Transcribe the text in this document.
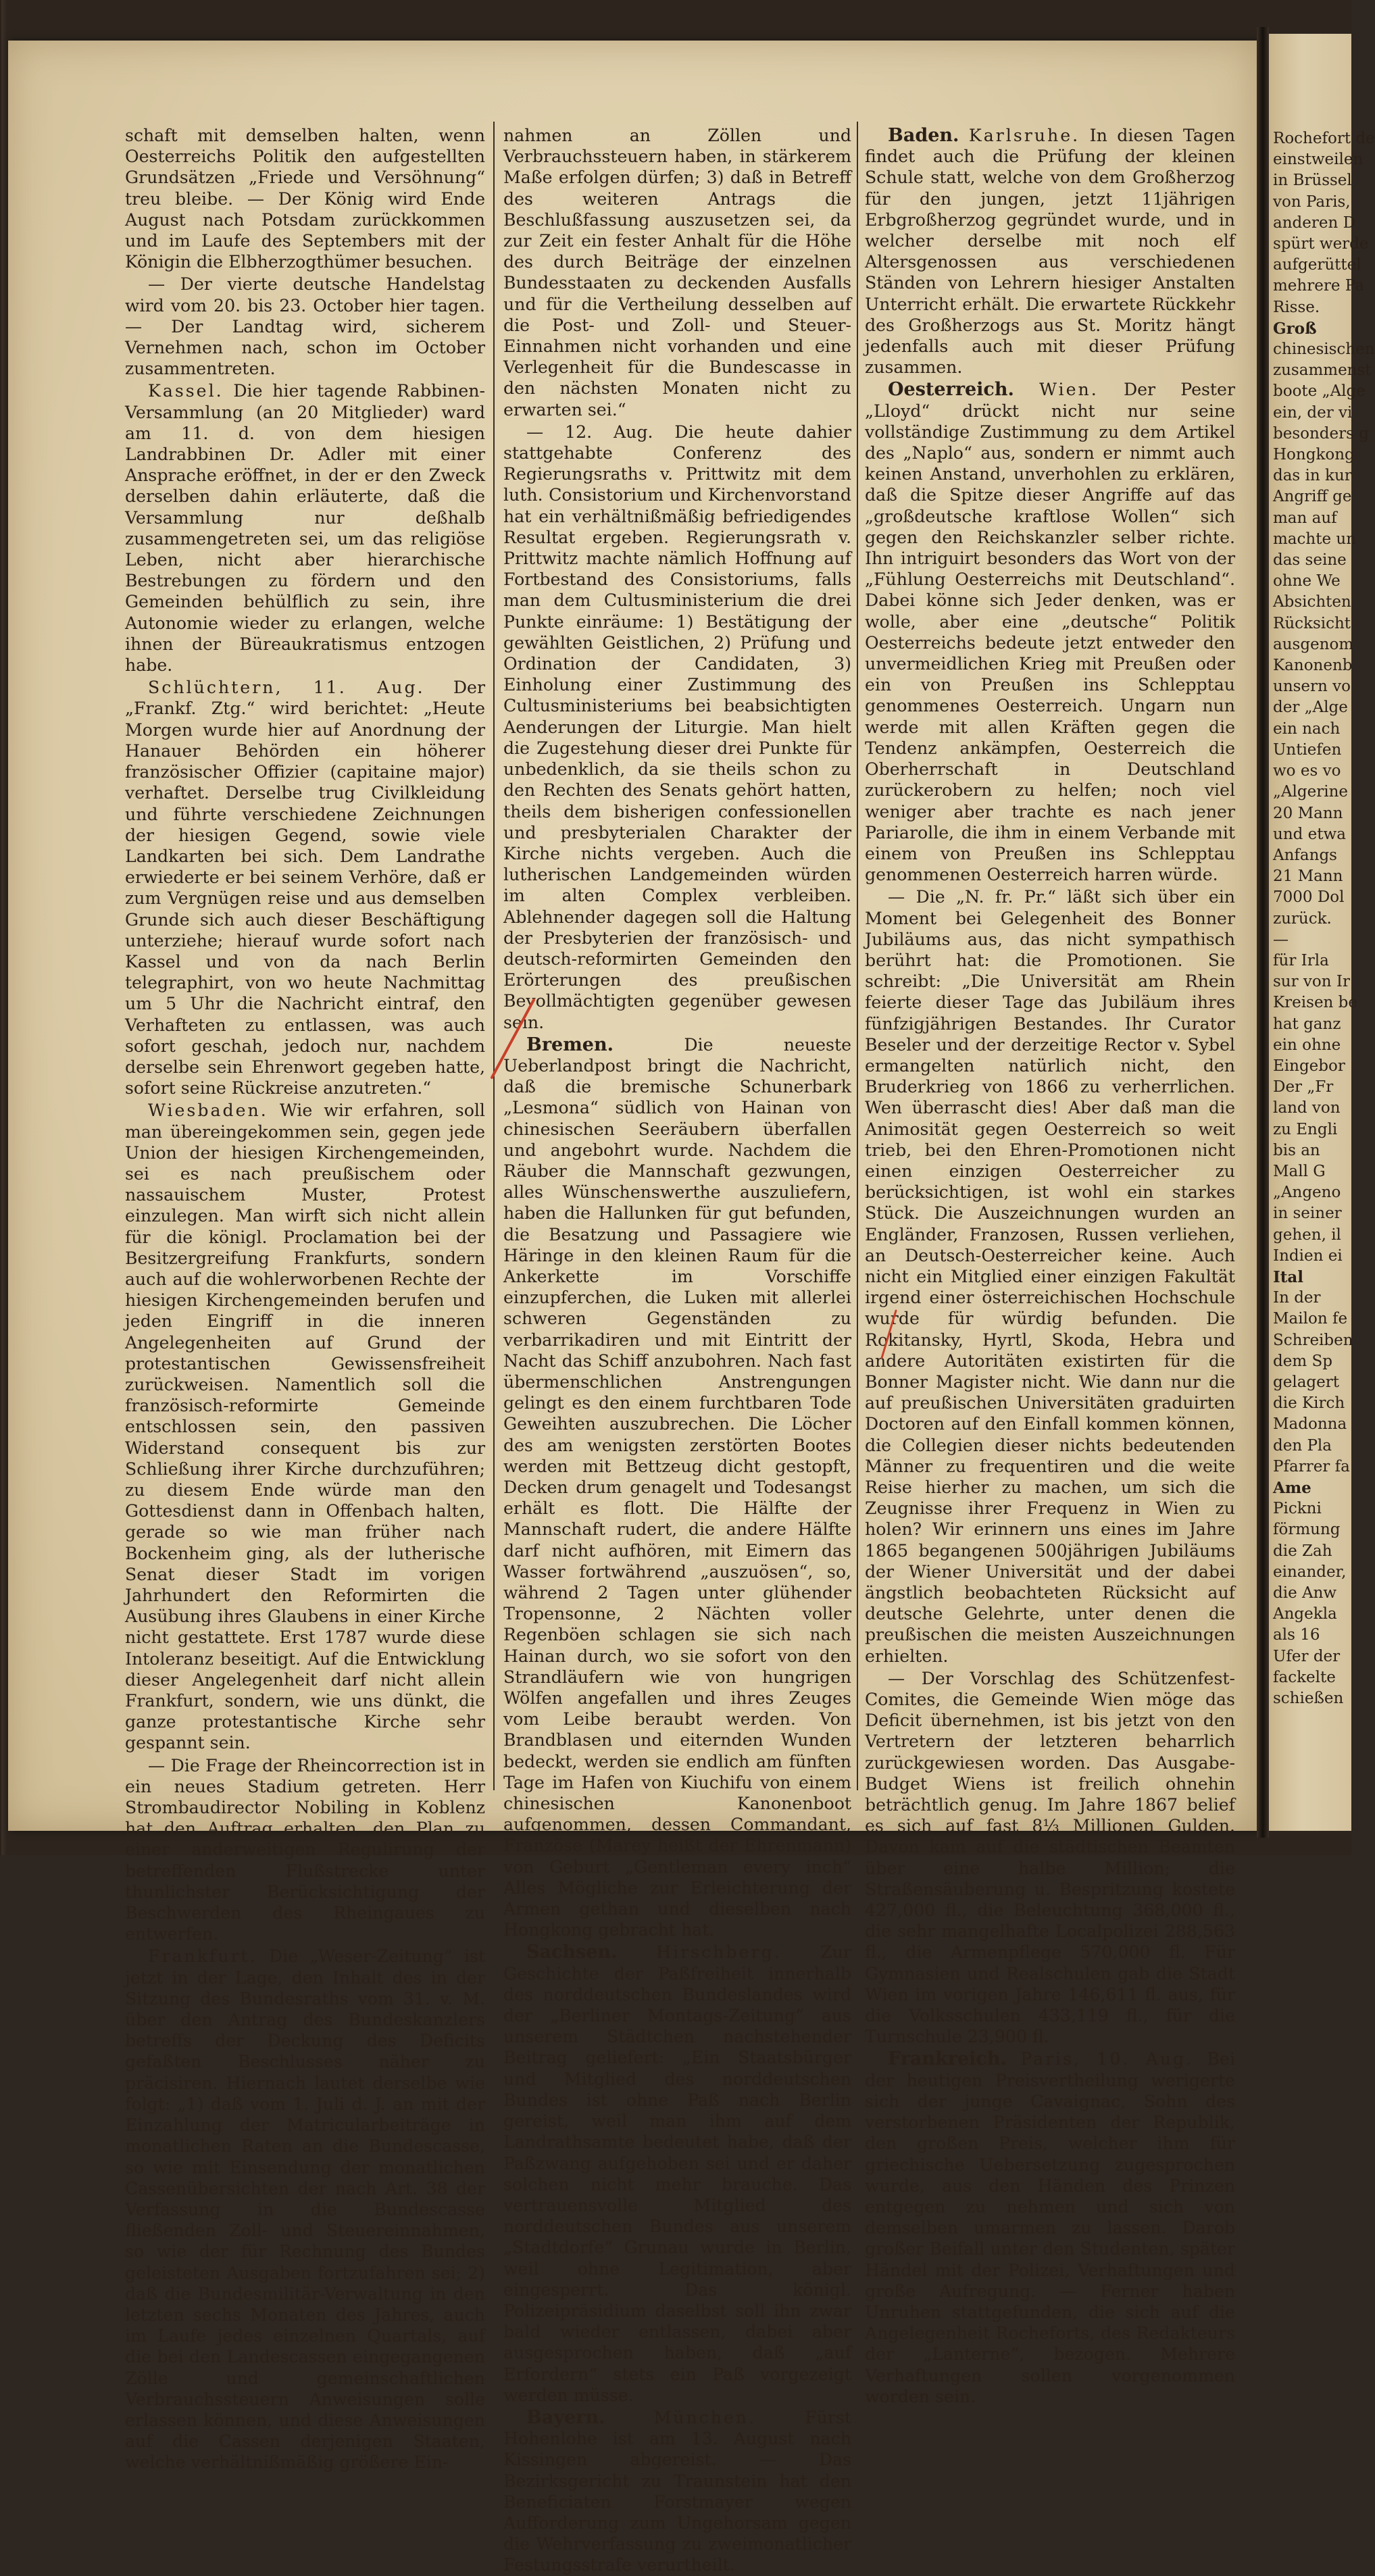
Rochefort de
einstweilen
in Brüssel
von Paris,
anderen D
spürt werde
aufgerüttel
mehrere Pa
Risse.
Groß
chinesischen
zusammenst
boote „Alge
ein, der vi
besonders g
Hongkong
das in kur
Angriff ge
man auf
machte un
das seine
ohne We
Absichten
Rücksicht
ausgenom
Kanonenb
unsern vo
der „Alge
ein nach
Untiefen
wo es vo
„Algerine
20 Mann
und etwa
Anfangs
21 Mann
7000 Dol
zurück.
—
für Irla
sur von Ir
Kreisen be
hat ganz
ein ohne
Eingebor
Der „Fr
land von
zu Engli
bis an
Mall G
„Angeno
in seiner
gehen, il
Indien ei
Ital
In der
Mailon fe
Schreiben
dem Sp
gelagert
die Kirch
Madonna
den Pla
Pfarrer fa
Ame
Pickni
förmung
die Zah
einander,
die Anw
Angekla
als 16
Ufer der
fackelte
schießen

schaft mit demselben halten, wenn Oesterreichs Politik den aufgestellten Grundsätzen „Friede und Versöhnung“ treu bleibe. — Der König wird Ende August nach Potsdam zurückkommen und im Laufe des Septembers mit der Königin die Elbherzogthümer besuchen.

— Der vierte deutsche Handelstag wird vom 20. bis 23. October hier tagen. — Der Landtag wird, sicherem Vernehmen nach, schon im October zusammentreten.

Kassel. Die hier tagende Rabbinen-Versammlung (an 20 Mitglieder) ward am 11. d. von dem hiesigen Landrabbinen Dr. Adler mit einer Ansprache eröffnet, in der er den Zweck derselben dahin erläuterte, daß die Versammlung nur deßhalb zusammengetreten sei, um das religiöse Leben, nicht aber hierarchische Bestrebungen zu fördern und den Gemeinden behülflich zu sein, ihre Autonomie wieder zu erlangen, welche ihnen der Büreaukratismus entzogen habe.

Schlüchtern, 11. Aug. Der „Frankf. Ztg.“ wird berichtet: „Heute Morgen wurde hier auf Anordnung der Hanauer Behörden ein höherer französischer Offizier (capitaine major) verhaftet. Derselbe trug Civilkleidung und führte verschiedene Zeichnungen der hiesigen Gegend, sowie viele Landkarten bei sich. Dem Landrathe erwiederte er bei seinem Verhöre, daß er zum Vergnügen reise und aus demselben Grunde sich auch dieser Beschäftigung unterziehe; hierauf wurde sofort nach Kassel und von da nach Berlin telegraphirt, von wo heute Nachmittag um 5 Uhr die Nachricht eintraf, den Verhafteten zu entlassen, was auch sofort geschah, jedoch nur, nachdem derselbe sein Ehrenwort gegeben hatte, sofort seine Rückreise anzutreten.“

Wiesbaden. Wie wir erfahren, soll man übereingekommen sein, gegen jede Union der hiesigen Kirchengemeinden, sei es nach preußischem oder nassauischem Muster, Protest einzulegen. Man wirft sich nicht allein für die königl. Proclamation bei der Besitzergreifung Frankfurts, sondern auch auf die wohlerworbenen Rechte der hiesigen Kirchengemeinden berufen und jeden Eingriff in die inneren Angelegenheiten auf Grund der protestantischen Gewissensfreiheit zurückweisen. Namentlich soll die französisch-reformirte Gemeinde entschlossen sein, den passiven Widerstand consequent bis zur Schließung ihrer Kirche durchzuführen; zu diesem Ende würde man den Gottesdienst dann in Offenbach halten, gerade so wie man früher nach Bockenheim ging, als der lutherische Senat dieser Stadt im vorigen Jahrhundert den Reformirten die Ausübung ihres Glaubens in einer Kirche nicht gestattete. Erst 1787 wurde diese Intoleranz beseitigt. Auf die Entwicklung dieser Angelegenheit darf nicht allein Frankfurt, sondern, wie uns dünkt, die ganze protestantische Kirche sehr gespannt sein.

— Die Frage der Rheincorrection ist in ein neues Stadium getreten. Herr Strombaudirector Nobiling in Koblenz hat den Auftrag erhalten, den Plan zu einer anderweitigen Regulirung der betreffenden Flußstrecke unter thunlichster Berücksichtigung der Beschwerden des Rheingaues zu entwerfen.

Frankfurt. Die „Weser-Zeitung“ ist jetzt in der Lage, den Inhalt des in der Sitzung des Bundesraths vom 31. v. M. über den Antrag des Bundeskanzlers betreffs der Deckung des Deficits gefaßten Beschlusses näher zu präcisiren. Hiernach lautet derselbe wie folgt: „1) daß vom 1. Juli d. J. an mit der Einzahlung der Matricularbeiträge in monatlichen Raten an die Bundescasse, so wie mit Einsendung der monatlichen Cassenübersichten der nach Art. 38 der Verfassung in die Bundescasse fließenden Zoll- und Steuereinnahmen, so wie der für Rechnung des Bundes geleisteten Ausgaben fortzufahren sei; 2) daß die Bundesmilitär-Verwaltung in den letzten sechs Monaten des Jahres, auch im Laufe jedes einzelnen Quartals, auf die bei den Landescassen eingegangenen Zölle und gemeinschaftlichen Verbrauchssteuern Anweisungen solle erlassen können, und diese Anweisungen auf die Cassen derjenigen Staaten, welche verhältnißmäßig größere Ein-

nahmen an Zöllen und Verbrauchssteuern haben, in stärkerem Maße erfolgen dürfen; 3) daß in Betreff des weiteren Antrags die Beschlußfassung auszusetzen sei, da zur Zeit ein fester Anhalt für die Höhe des durch Beiträge der einzelnen Bundesstaaten zu deckenden Ausfalls und für die Vertheilung desselben auf die Post- und Zoll- und Steuer-Einnahmen nicht vorhanden und eine Verlegenheit für die Bundescasse in den nächsten Monaten nicht zu erwarten sei.“

— 12. Aug. Die heute dahier stattgehabte Conferenz des Regierungsraths v. Prittwitz mit dem luth. Consistorium und Kirchenvorstand hat ein verhältnißmäßig befriedigendes Resultat ergeben. Regierungsrath v. Prittwitz machte nämlich Hoffnung auf Fortbestand des Consistoriums, falls man dem Cultusministerium die drei Punkte einräume: 1) Bestätigung der gewählten Geistlichen, 2) Prüfung und Ordination der Candidaten, 3) Einholung einer Zustimmung des Cultusministeriums bei beabsichtigten Aenderungen der Liturgie. Man hielt die Zugestehung dieser drei Punkte für unbedenklich, da sie theils schon zu den Rechten des Senats gehört hatten, theils dem bisherigen confessionellen und presbyterialen Charakter der Kirche nichts vergeben. Auch die lutherischen Landgemeinden würden im alten Complex verbleiben. Ablehnender dagegen soll die Haltung der Presbyterien der französisch- und deutsch-reformirten Gemeinden den Erörterungen des preußischen Bevollmächtigten gegenüber gewesen sein.

Bremen.	Die neueste Ueberlandpost bringt die Nachricht, daß die bremische Schunerbark „Lesmona“ südlich von Hainan von chinesischen Seeräubern überfallen und angebohrt wurde. Nachdem die Räuber die Mannschaft gezwungen, alles Wünschenswerthe auszuliefern, haben die Hallunken für gut befunden, die Besatzung und Passagiere wie Häringe in den kleinen Raum für die Ankerkette im Vorschiffe einzupferchen, die Luken mit allerlei schweren Gegenständen zu verbarrikadiren und mit Eintritt der Nacht das Schiff anzubohren. Nach fast übermenschlichen Anstrengungen gelingt es den einem furchtbaren Tode Geweihten auszubrechen. Die Löcher des am wenigsten zerstörten Bootes werden mit Bettzeug dicht gestopft, Decken drum genagelt und Todesangst erhält es flott. Die Hälfte der Mannschaft rudert, die andere Hälfte darf nicht aufhören, mit Eimern das Wasser fortwährend „auszuösen“, so, während 2 Tagen unter glühender Tropensonne, 2 Nächten voller Regenböen schlagen sie sich nach Hainan durch, wo sie sofort von den Strandläufern wie von hungrigen Wölfen angefallen und ihres Zeuges vom Leibe beraubt werden. Von Brandblasen und eiternden Wunden bedeckt, werden sie endlich am fünften Tage im Hafen von Kiuchifu von einem chinesischen Kanonenboot aufgenommen, dessen Commandant, Französe (Marey heißt der Ehrenmann) von Geburt „Gentleman every inch“ Alles Mögliche zur Erleichterung der Armen gethan und dieselben nach Hongkong gebracht hat.

Sachsen. Hirschberg. Zur Geschichte der Paßfreiheit innerhalb des norddeutschen Bundeslandes wird der „Berliner Montags-Zeitung“ aus unserem Städtchen nachstehender Beitrag geliefert: „Ein Staatsbürger und Mitglied des norddeutschen Bundes ist ohne Paß nach Berlin gereist, weil man ihm auf dem Landrathsamte bedeutet habe, daß der Paßzwang aufgehoben sei und er daher solchen nicht mehr brauche. Das vertrauensvolle Mitglied des norddeutschen Bundes aus unserem „Stadtdorfe“ Grunau wurde in Berlin, weil ohne Legitimation, aber eingesperrt. Das königl. Polizeipräsidium daselbst soll ihn zwar bald wieder entlassen, dabei aber ausgesprochen haben, daß „auf Erfordern“ stets ein Paß vorgezeigt werden müsse.

Bayern.	München.	Fürst Hohenlohe ist am 13. August nach Kissingen abgereist. — Das Bezirksgericht zu Traunstein hat den Beneficiaten Forstmayer wegen Aufforderung zum Ungehorsam gegen die Wehrverfassung zu zweimonatlicher Festungsstrafe verurtheilt.

Baden. Karlsruhe. In diesen Tagen findet auch die Prüfung der kleinen Schule statt, welche von dem Großherzog für den jungen, jetzt 11jährigen Erbgroßherzog gegründet wurde, und in welcher derselbe mit noch elf Altersgenossen aus verschiedenen Ständen von Lehrern hiesiger Anstalten Unterricht erhält. Die erwartete Rückkehr des Großherzogs aus St. Moritz hängt jedenfalls auch mit dieser Prüfung zusammen.

Oesterreich. Wien. Der Pester „Lloyd“ drückt nicht nur seine vollständige Zustimmung zu dem Artikel des „Naplo“ aus, sondern er nimmt auch keinen Anstand, unverhohlen zu erklären, daß die Spitze dieser Angriffe auf das „großdeutsche kraftlose Wollen“ sich gegen den Reichskanzler selber richte. Ihn intriguirt besonders das Wort von der „Fühlung Oesterreichs mit Deutschland“. Dabei könne sich Jeder denken, was er wolle, aber eine „deutsche“ Politik Oesterreichs bedeute jetzt entweder den unvermeidlichen Krieg mit Preußen oder ein von Preußen ins Schlepptau genommenes Oesterreich. Ungarn nun werde mit allen Kräften gegen die Tendenz ankämpfen, Oesterreich die Oberherrschaft in Deutschland zurückerobern zu helfen; noch viel weniger aber trachte es nach jener Pariarolle, die ihm in einem Verbande mit einem von Preußen ins Schlepptau genommenen Oesterreich harren würde.

— Die „N. fr. Pr.“ läßt sich über ein Moment bei Gelegenheit des Bonner Jubiläums aus, das nicht sympathisch berührt hat: die Promotionen. Sie schreibt: „Die Universität am Rhein feierte dieser Tage das Jubiläum ihres fünfzigjährigen Bestandes. Ihr Curator Beseler und der derzeitige Rector v. Sybel ermangelten natürlich nicht, den Bruderkrieg von 1866 zu verherrlichen. Wen überrascht dies! Aber daß man die Animosität gegen Oesterreich so weit trieb, bei den Ehren-Promotionen nicht einen einzigen Oesterreicher zu berücksichtigen, ist wohl ein starkes Stück. Die Auszeichnungen wurden an Engländer, Franzosen, Russen verliehen, an Deutsch-Oesterreicher keine. Auch nicht ein Mitglied einer einzigen Fakultät irgend einer österreichischen Hochschule wurde für würdig befunden. Die Rokitansky, Hyrtl, Skoda, Hebra und andere Autoritäten existirten für die Bonner Magister nicht. Wie dann nur die auf preußischen Universitäten graduirten Doctoren auf den Einfall kommen können, die Collegien dieser nichts bedeutenden Männer zu frequentiren und die weite Reise hierher zu machen, um sich die Zeugnisse ihrer Frequenz in Wien zu holen? Wir erinnern uns eines im Jahre 1865 begangenen 500jährigen Jubiläums der Wiener Universität und der dabei ängstlich beobachteten Rücksicht auf deutsche Gelehrte, unter denen die preußischen die meisten Auszeichnungen erhielten.

— Der Vorschlag des Schützenfest-Comites, die Gemeinde Wien möge das Deficit übernehmen, ist bis jetzt von den Vertretern der letzteren beharrlich zurückgewiesen worden. Das Ausgabe-Budget Wiens ist freilich ohnehin beträchtlich genug. Im Jahre 1867 belief es sich auf fast 8⅓ Millionen Gulden. Davon kam auf die städtischen Beamten über eine halbe Million; die Straßensäuberung u. Bespritzung kostete 427,000 fl., die Beleuchtung 368,000 fl., die sehr mangelhafte Localpolizei 288,563 fl., die Armenpflege 570,000 fl. Für Gymnasien und Realschulen gab die Stadt Wien im vorigen Jahre 146,611 fl. aus, für die Volksschulen 433,119 fl., für die Turnschule 23,900 fl.

Frankreich. Paris, 10. Aug. Bei der heutigen Preisvertheilung werigerte sich der junge Cavaignac, Sohn des verstorbenen Präsidenten der Republik, den großen Preis, welcher ihm für griechische Uebersetzung zugesprochen wurde, aus den Händen des Prinzen entgegen zu nehmen und sich von demselben umarmen zu lassen. Darob großer Beifall unter den Studenten, später Händel mit der Polizei, Verhaftungen und große Aufregung. — Ferner haben Unruhen stattgefunden, die sich auf die Angelegenheit Rocheforts, des Redakteurs der „Lanterne“, bezogen. Mehrere Verhaftungen sollen vorgenommen worden sein.
